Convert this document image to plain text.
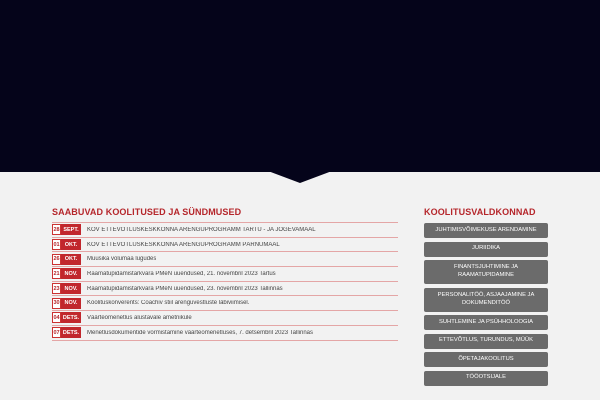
SAABUVAD KOOLITUSED JA SÜNDMUSED	KOOLITUSVALDKONNAD
28 SEPT.	KOV ETTEVÕTLUSKESKKONNA ARENGUPROGRAMM TARTU - JA JÕGEVAMAAL
01 OKT.	KOV ETTEVÕTLUSKESKKONNA ARENGUPROGRAMM PÄRNUMAAL
26 OKT.	Muusika võlumaa lugudes
21 NOV.	Raamatupidamistarkvara PMeN uuendused, 21. novembril 2023 Tartus
23 NOV.	Raamatupidamistarkvara PMeN uuendused, 23. novembril 2023 Tallinnas
30 NOV.	Koolituskonverents: Coachiv stiil arenguvestluste läbiviimisel.
04 DETS.	Väärteomenetlus alustavale ametnikule
07 DETS.	Menetlusdokumentide vormistamine väärteomenetluses, 7. detsembril 2023 Tallinnas
JUHTIMISVÕIMEKUSE ARENDAMINE
JURIIDIKA
FINANTSJUHTIMINE JA RAAMATUPIDAMINE
PERSONALITÖÖ, ASJAAJAMINE JA DOKUMENDITÖÖ
SUHTLEMINE JA PSÜHHOLOOGIA
ETTEVÕTLUS, TURUNDUS, MÜÜK
ÕPETAJAKOOLITUS
TÖÖOTSIJALE
